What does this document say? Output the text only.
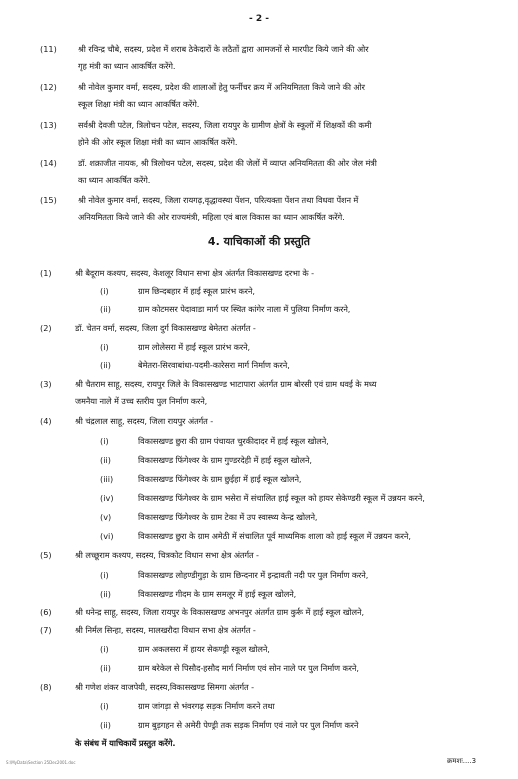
- 2 -
(11)	श्री रविन्द्र चौबे, सदस्य, प्रदेश में शराब ठेकेदारों के लठैतों द्वारा आमजनों से मारपीट किये जाने की ओर
गृह मंत्री का ध्यान आकर्षित करेंगे.
(12)	श्री नोवेल कुमार वर्मा, सदस्य, प्रदेश की शालाओं हेतु फर्नीचर क्रय में अनियमितता किये जाने की ओर
स्कूल शिक्षा मंत्री का ध्यान आकर्षित करेंगे.
(13)	सर्वश्री देवजी पटेल, त्रिलोचन पटेल, सदस्य, जिला रायपुर के ग्रामीण क्षेत्रों के स्कूलों में शिक्षकों की कमी
होने की ओर स्कूल शिक्षा मंत्री का ध्यान आकर्षित करेंगे.
(14)	डॉ. शक्राजीत नायक, श्री त्रिलोचन पटेल, सदस्य, प्रदेश की जेलों में व्याप्त अनियमितता की ओर जेल मंत्री
का ध्यान आकर्षित करेंगे.
(15)	श्री नोवेल कुमार वर्मा, सदस्य, जिला रायगढ़,वृद्धावस्था पेंशन, परित्यक्ता पेंशन तथा विधवा पेंशन में
अनियमितता किये जाने की ओर राज्यमंत्री, महिला एवं बाल विकास का ध्यान आकर्षित करेंगे.
4. याचिकाओं की प्रस्तुति
(1)	श्री बैदूराम कश्यप, सदस्य, केशलूर विधान सभा क्षेत्र अंतर्गत विकासखण्ड दरभा के -
(i)	ग्राम छिन्दबहार में हाई स्कूल प्रारंभ करने,
(ii)	ग्राम कोटमसर पेदावाडा मार्ग पर स्थित कांगेर नाला में पुलिया निर्माण करने,
(2)	डॉ. चेतन वर्मा, सदस्य, जिला दुर्ग विकासखण्ड बेमेतरा अंतर्गत -
(i)	ग्राम लोलेसरा में हाई स्कूल प्रारंभ करने,
(ii)	बेमेतरा-सिरवाबांधा-पदमी-कारेसरा मार्ग निर्माण करने,
(3)	श्री चैतराम साहू, सदस्य, रायपुर जिले के विकासखण्ड भाटापारा अंतर्गत ग्राम बोरसी एवं ग्राम धवई के मध्य
जमनैया नाले में उच्च स्तरीय पुल निर्माण करने,
(4)	श्री चंद्रलाल साहू, सदस्य, जिला रायपुर अंतर्गत -
(i)	विकासखण्ड छुरा की ग्राम पंचायत चुरकीदादर में हाई स्कूल खोलने,
(ii)	विकासखण्ड फिंगेश्वर के ग्राम गुण्डरदेही में हाई स्कूल खोलने,
(iii)	विकासखण्ड फिंगेश्वर के ग्राम छुईहा में हाई स्कूल खोलने,
(iv)	विकासखण्ड फिंगेश्वर के ग्राम भसेरा में संचालित हाई स्कूल को हायर सेकेण्डरी स्कूल में उन्नयन करने,
(v)	विकासखण्ड फिंगेश्वर के ग्राम टेका में उप स्वास्थ्य केन्द्र खोलने,
(vi)	विकासखण्ड छुरा के ग्राम अमेठी में संचालित पूर्व माध्यमिक शाला को हाई स्कूल में उन्नयन करने,
(5)	श्री लच्छूराम कश्यप, सदस्य, चित्रकोट विधान सभा क्षेत्र अंतर्गत -
(i)	विकासखण्ड लोहण्डीगुड़ा के ग्राम छिन्दनार में इन्द्रावती नदी पर पुल निर्माण करने,
(ii)	विकासखण्ड गीदम के ग्राम समलूर में हाई स्कूल खोलने,
(6)	श्री धनेन्द्र साहू, सदस्य, जिला रायपुर के विकासखण्ड अभनपुर अंतर्गत ग्राम कुर्रू में हाई स्कूल खोलने,
(7)	श्री निर्मल सिन्हा, सदस्य, मालखरौदा विधान सभा क्षेत्र अंतर्गत -
(i)	ग्राम अकलसरा में हायर सेकण्ड्री स्कूल खोलने,
(ii)	ग्राम बरेकेल से पिसौद-हसौद मार्ग निर्माण एवं सोन नाले पर पुल निर्माण करने,
(8)	श्री गणेश शंकर वाजपेयी, सदस्य,विकासखण्ड सिमगा अंतर्गत -
(i)	ग्राम जांगड़ा से भंवरगढ़ सड़क निर्माण करने तथा
(ii)	ग्राम बुड़गहन से अमेरी पेण्ड्री तक सड़क निर्माण एवं नाले पर पुल निर्माण करने
के संबंध में याचिकायें प्रस्तुत करेंगे.
S:\MyData\Section 25Dec2001.doc	क्रमशः....3
